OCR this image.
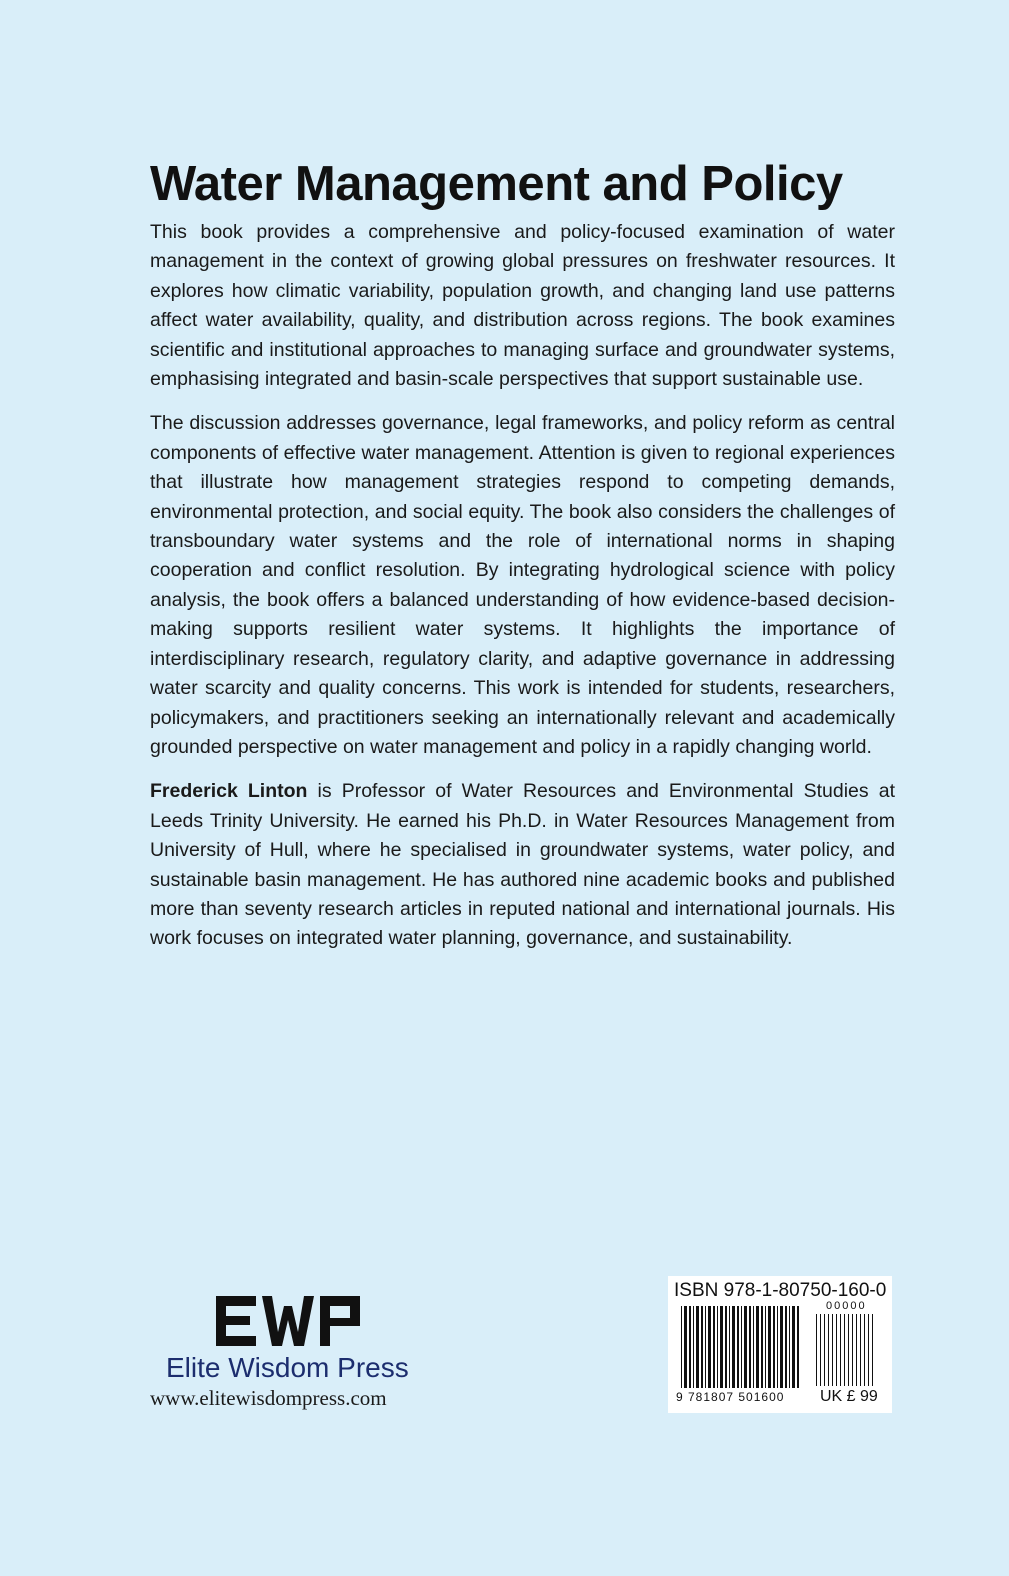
Water Management and Policy

This book provides a comprehensive and policy-focused examination of water management in the context of growing global pressures on freshwater resources. It explores how climatic variability, population growth, and changing land use patterns affect water availability, quality, and distribution across regions. The book examines scientific and institutional approaches to managing surface and groundwater systems, emphasising integrated and basin-scale perspectives that support sustainable use.

The discussion addresses governance, legal frameworks, and policy reform as central components of effective water management. Attention is given to regional experiences that illustrate how management strategies respond to competing demands, environmental protection, and social equity. The book also considers the challenges of transboundary water systems and the role of international norms in shaping cooperation and conflict resolution. By integrating hydrological science with policy analysis, the book offers a balanced understanding of how evidence-based decision-making supports resilient water systems. It highlights the importance of interdisciplinary research, regulatory clarity, and adaptive governance in addressing water scarcity and quality concerns. This work is intended for students, researchers, policymakers, and practitioners seeking an internationally relevant and academically grounded perspective on water management and policy in a rapidly changing world.

Frederick Linton is Professor of Water Resources and Environmental Studies at Leeds Trinity University. He earned his Ph.D. in Water Resources Management from University of Hull, where he specialised in groundwater systems, water policy, and sustainable basin management. He has authored nine academic books and published more than seventy research articles in reputed national and international journals. His work focuses on integrated water planning, governance, and sustainability.

Elite Wisdom Press
www.elitewisdompress.com
ISBN 978-1-80750-160-0
00000
9 781807 501600 UK £ 99
